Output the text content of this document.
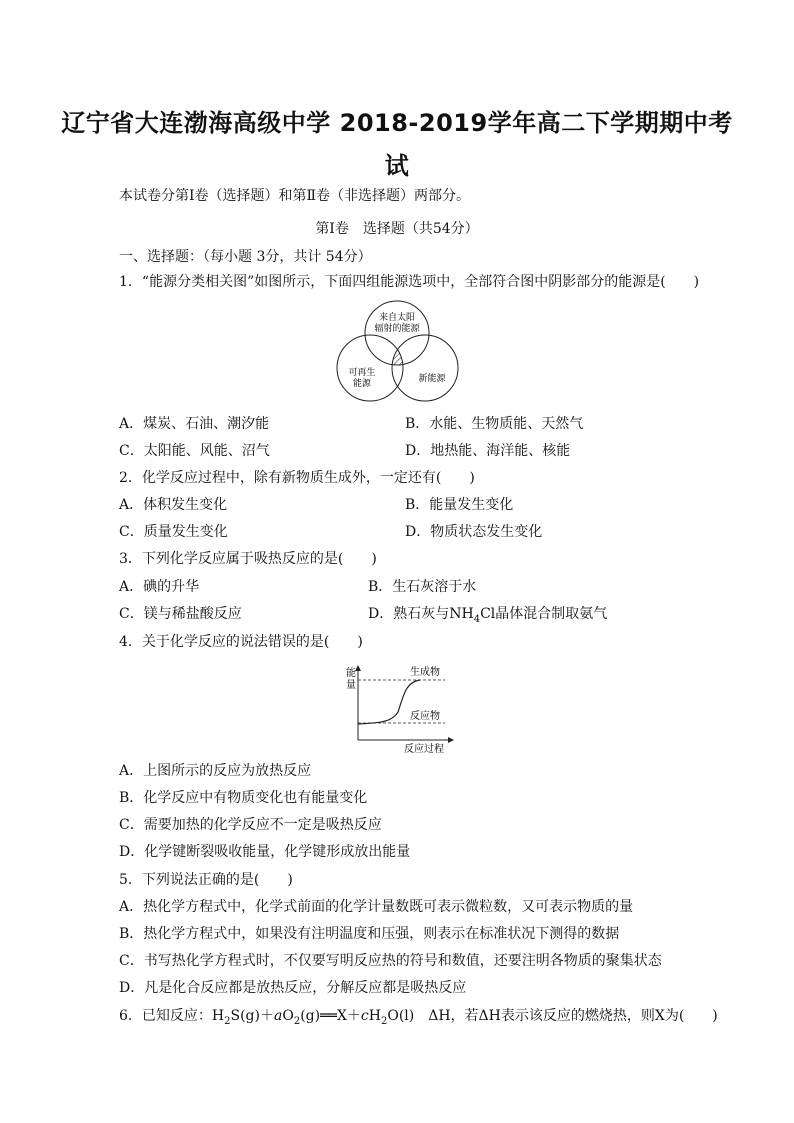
辽宁省大连渤海高级中学 2018-2019学年高二下学期期中考
试
本试卷分第Ⅰ卷（选择题）和第Ⅱ卷（非选择题）两部分。
第Ⅰ卷　选择题（共54分）
一、选择题：（每小题 3分，共计 54分）
1．“能源分类相关图”如图所示，下面四组能源选项中，全部符合图中阴影部分的能源是(　　)
来自太阳
辐射的能源
可再生
能源	新能源
A．煤炭、石油、潮汐能	B．水能、生物质能、天然气
C．太阳能、风能、沼气	D．地热能、海洋能、核能
2．化学反应过程中，除有新物质生成外，一定还有(　　)
A．体积发生变化	B．能量发生变化
C．质量发生变化	D．物质状态发生变化
3．下列化学反应属于吸热反应的是(　　)
A．碘的升华	B．生石灰溶于水
C．镁与稀盐酸反应	D．熟石灰与$NH_4Cl$晶体混合制取氨气
4．关于化学反应的说法错误的是(　　)
能
量
生成物
反应物
反应过程
A．上图所示的反应为放热反应
B．化学反应中有物质变化也有能量变化
C．需要加热的化学反应不一定是吸热反应
D．化学键断裂吸收能量，化学键形成放出能量
5．下列说法正确的是(　　)
A．热化学方程式中，化学式前面的化学计量数既可表示微粒数，又可表示物质的量
B．热化学方程式中，如果没有注明温度和压强，则表示在标准状况下测得的数据
C．书写热化学方程式时，不仅要写明反应热的符号和数值，还要注明各物质的聚集状态
D．凡是化合反应都是放热反应，分解反应都是吸热反应
6．已知反应：$H_2S(g)+aO_2(g)══X+cH_2O(l)$　ΔH，若ΔH表示该反应的燃烧热，则X为(　　)
